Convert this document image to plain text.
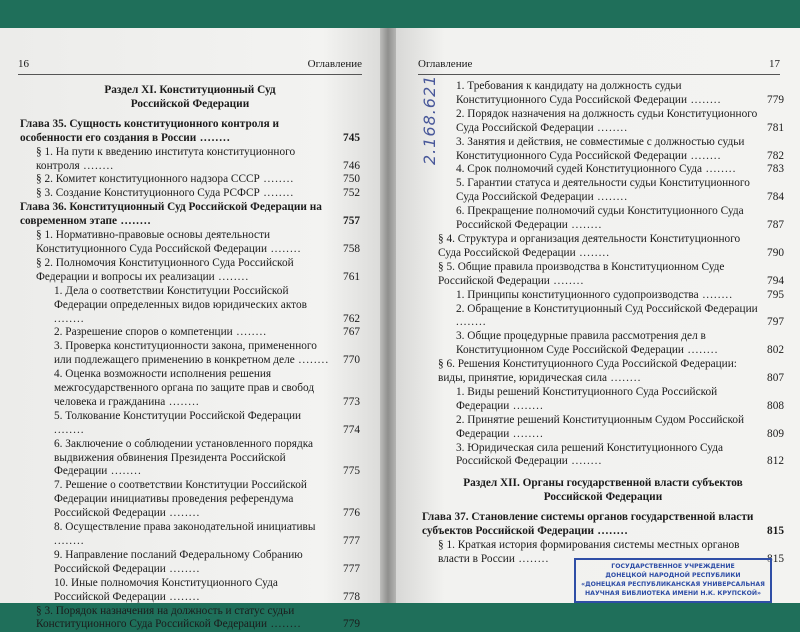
16	Оглавление
Раздел XI. Конституционный Суд
Российской Федерации
Глава 35. Сущность конституционного контроля и особенности его создания в России ........	745
§ 1. На пути к введению института конституционного контроля ........	746
§ 2. Комитет конституционного надзора СССР ........	750
§ 3. Создание Конституционного Суда РСФСР ........	752
Глава 36. Конституционный Суд Российской Федерации на современном этапе ........	757
§ 1. Нормативно-правовые основы деятельности Конституционного Суда Российской Федерации ........	758
§ 2. Полномочия Конституционного Суда Российской Федерации и вопросы их реализации ........	761
1. Дела о соответствии Конституции Российской Федерации определенных видов юридических актов ........	762
2. Разрешение споров о компетенции ........	767
3. Проверка конституционности закона, примененного или подлежащего применению в конкретном деле ........	770
4. Оценка возможности исполнения решения межгосударственного органа по защите прав и свобод человека и гражданина ........	773
5. Толкование Конституции Российской Федерации ........	774
6. Заключение о соблюдении установленного порядка выдвижения обвинения Президента Российской Федерации ........	775
7. Решение о соответствии Конституции Российской Федерации инициативы проведения референдума Российской Федерации ........	776
8. Осуществление права законодательной инициативы ........	777
9. Направление посланий Федеральному Собранию Российской Федерации ........	777
10. Иные полномочия Конституционного Суда Российской Федерации ........	778
§ 3. Порядок назначения на должность и статус судьи Конституционного Суда Российской Федерации ........	779
Оглавление	17
1. Требования к кандидату на должность судьи Конституционного Суда Российской Федерации ........	779
2. Порядок назначения на должность судьи Конституционного Суда Российской Федерации ........	781
3. Занятия и действия, не совместимые с должностью судьи Конституционного Суда Российской Федерации ........	782
4. Срок полномочий судей Конституционного Суда ........	783
5. Гарантии статуса и деятельности судьи Конституционного Суда Российской Федерации ........	784
6. Прекращение полномочий судьи Конституционного Суда Российской Федерации ........	787
§ 4. Структура и организация деятельности Конституционного Суда Российской Федерации ........	790
§ 5. Общие правила производства в Конституционном Суде Российской Федерации ........	794
1. Принципы конституционного судопроизводства ........	795
2. Обращение в Конституционный Суд Российской Федерации ........	797
3. Общие процедурные правила рассмотрения дел в Конституционном Суде Российской Федерации ........	802
§ 6. Решения Конституционного Суда Российской Федерации: виды, принятие, юридическая сила ........	807
1. Виды решений Конституционного Суда Российской Федерации ........	808
2. Принятие решений Конституционным Судом Российской Федерации ........	809
3. Юридическая сила решений Конституционного Суда Российской Федерации ........	812
Раздел XII. Органы государственной власти субъектов
Российской Федерации
Глава 37. Становление системы органов государственной власти субъектов Российской Федерации ........	815
§ 1. Краткая история формирования системы местных органов власти в России ........	815
2.168.621
ГОСУДАРСТВЕННОЕ УЧРЕЖДЕНИЕ
ДОНЕЦКОЙ НАРОДНОЙ РЕСПУБЛИКИ
«ДОНЕЦКАЯ РЕСПУБЛИКАНСКАЯ УНИВЕРСАЛЬНАЯ
НАУЧНАЯ БИБЛИОТЕКА ИМЕНИ Н.К. КРУПСКОЙ»
